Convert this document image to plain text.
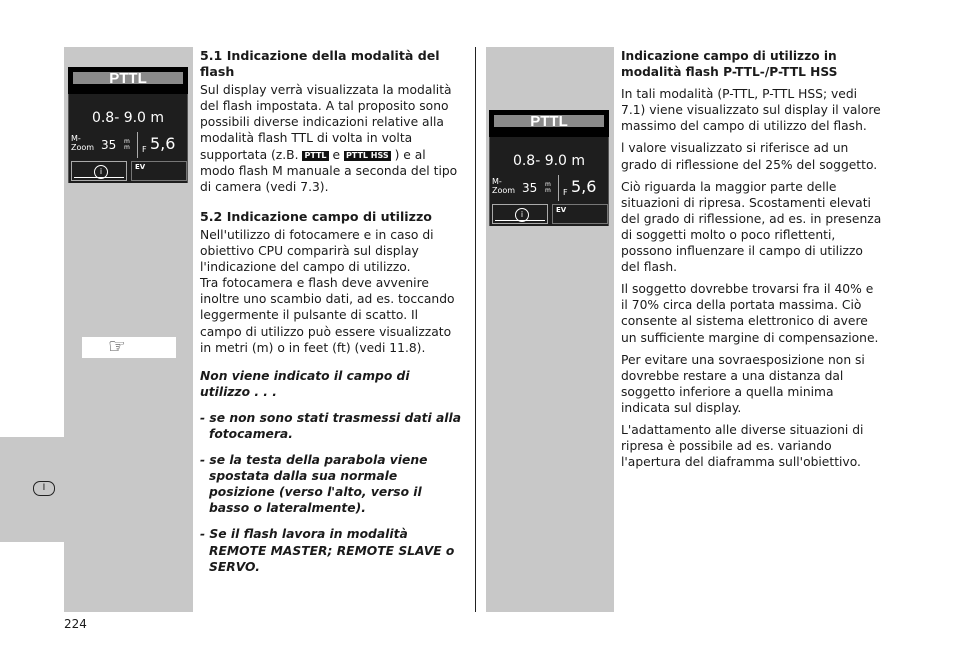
I
PTTL
0.8- 9.0 m
M-
Zoom 35 m
m F 5,6
i	EV
PTTL
0.8- 9.0 m
M-
Zoom 35 m
m F 5,6
i	EV
☞
5.1 Indicazione della modalità del flash

Sul display verrà visualizzata la modalità del flash impostata. A tal proposito sono possibili diverse indicazioni relative alla modalità flash TTL di volta in volta supportata (z.B. PTTL e PTTL HSS ) e al modo flash M manuale a seconda del tipo di camera (vedi 7.3).

5.2 Indicazione campo di utilizzo

Nell'utilizzo di fotocamere e in caso di obiettivo CPU comparirà sul display l'indicazione del campo di utilizzo.

Tra fotocamera e flash deve avvenire inoltre uno scambio dati, ad es. toccando leggermente il pulsante di scatto. Il campo di utilizzo può essere visualizzato in metri (m) o in feet (ft) (vedi 11.8).

Non viene indicato il campo di utilizzo . . .

- se non sono stati trasmessi dati alla fotocamera.

- se la testa della parabola viene spostata dalla sua normale posizione (verso l'alto, verso il basso o lateralmente).

- Se il flash lavora in modalità REMOTE MASTER; REMOTE SLAVE o SERVO.

Indicazione campo di utilizzo in modalità flash P-TTL-/P-TTL HSS

In tali modalità (P-TTL, P-TTL HSS; vedi 7.1) viene visualizzato sul display il valore massimo del campo di utilizzo del flash.

l valore visualizzato si riferisce ad un grado di riflessione del 25% del soggetto.

Ciò riguarda la maggior parte delle situazioni di ripresa. Scostamenti elevati del grado di riflessione, ad es. in presenza di soggetti molto o poco riflettenti, possono influenzare il campo di utilizzo del flash.

Il soggetto dovrebbe trovarsi fra il 40% e il 70% circa della portata massima. Ciò consente al sistema elettronico di avere un sufficiente margine di compensazione.

Per evitare una sovraesposizione non si dovrebbe restare a una distanza dal soggetto inferiore a quella minima indicata sul display.

L'adattamento alle diverse situazioni di ripresa è possibile ad es. variando l'apertura del diaframma sull'obiettivo.

224
